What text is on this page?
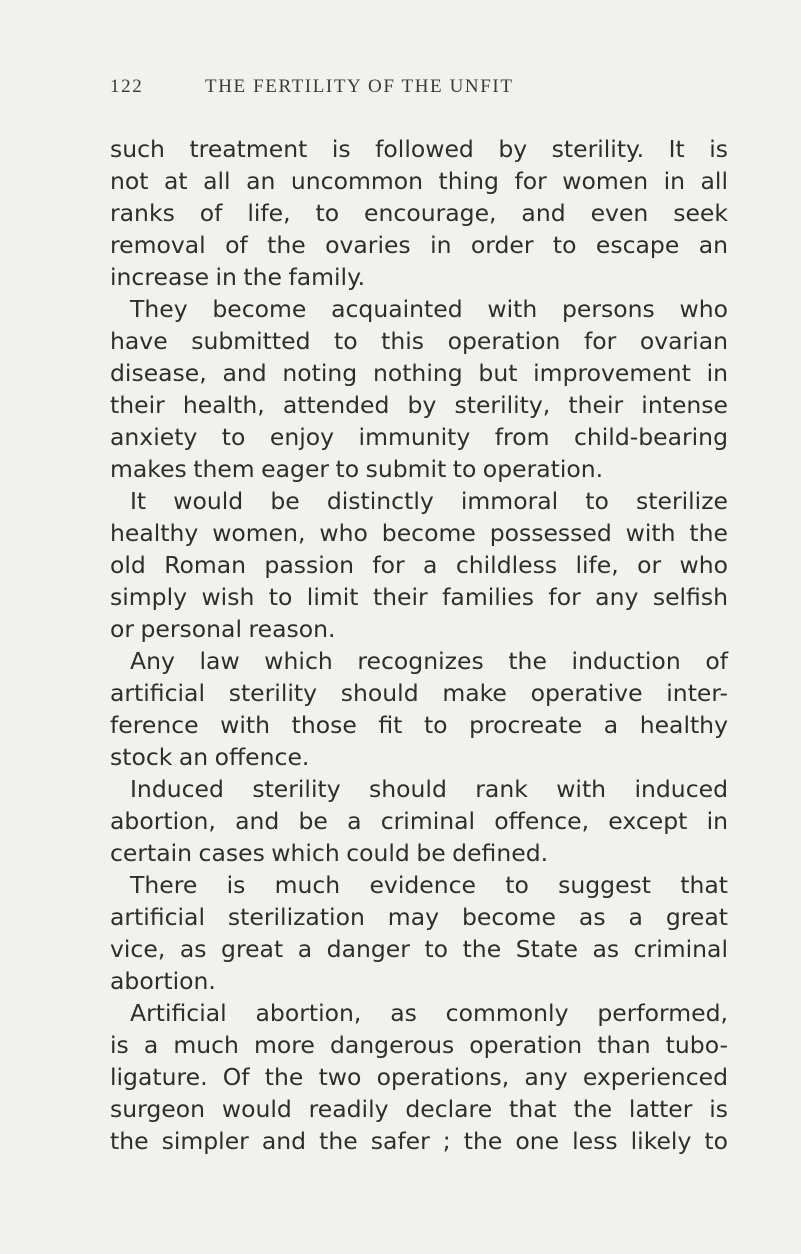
122	THE FERTILITY OF THE UNFIT
such treatment is followed by sterility. It is
not at all an uncommon thing for women in all
ranks of life, to encourage, and even seek
removal of the ovaries in order to escape an
increase in the family.
They become acquainted with persons who
have submitted to this operation for ovarian
disease, and noting nothing but improvement in
their health, attended by sterility, their intense
anxiety to enjoy immunity from child-bearing
makes them eager to submit to operation.
It would be distinctly immoral to sterilize
healthy women, who become possessed with the
old Roman passion for a childless life, or who
simply wish to limit their families for any selfish
or personal reason.
Any law which recognizes the induction of
artificial sterility should make operative inter-
ference with those fit to procreate a healthy
stock an offence.
Induced sterility should rank with induced
abortion, and be a criminal offence, except in
certain cases which could be defined.
There is much evidence to suggest that
artificial sterilization may become as a great
vice, as great a danger to the State as criminal
abortion.
Artificial abortion, as commonly performed,
is a much more dangerous operation than tubo-
ligature. Of the two operations, any experienced
surgeon would readily declare that the latter is
the simpler and the safer ; the one less likely to
